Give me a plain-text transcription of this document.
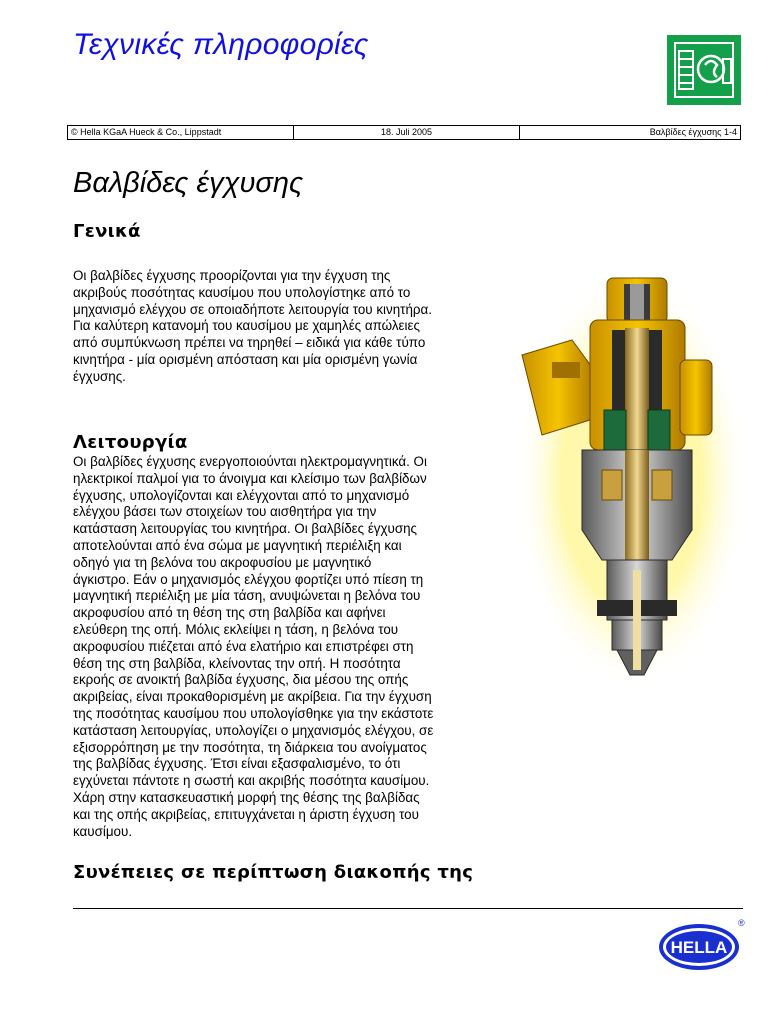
Τεχνικές πληροφορίες
© Hella KGaA Hueck & Co., Lippstadt	18. Juli 2005	Βαλβίδες έγχυσης 1-4
Βαλβίδες έγχυσης
Γενικά
Οι βαλβίδες έγχυσης προορίζονται για την έγχυση της
ακριβούς ποσότητας καυσίμου που υπολογίστηκε από το
μηχανισμό ελέγχου σε οποιαδήποτε λειτουργία του κινητήρα.
Για καλύτερη κατανομή του καυσίμου με χαμηλές απώλειες
από συμπύκνωση πρέπει να τηρηθεί – ειδικά για κάθε τύπο
κινητήρα - μία ορισμένη απόσταση και μία ορισμένη γωνία
έγχυσης.
Λειτουργία
Οι βαλβίδες έγχυσης ενεργοποιούνται ηλεκτρομαγνητικά. Οι
ηλεκτρικοί παλμοί για το άνοιγμα και κλείσιμο των βαλβίδων
έγχυσης, υπολογίζονται και ελέγχονται από το μηχανισμό
ελέγχου βάσει των στοιχείων του αισθητήρα για την
κατάσταση λειτουργίας του κινητήρα. Οι βαλβίδες έγχυσης
αποτελούνται από ένα σώμα με μαγνητική περιέλιξη και
οδηγό για τη βελόνα του ακροφυσίου με μαγνητικό
άγκιστρο. Εάν ο μηχανισμός ελέγχου φορτίζει υπό πίεση τη
μαγνητική περιέλιξη με μία τάση, ανυψώνεται η βελόνα του
ακροφυσίου από τη θέση της στη βαλβίδα και αφήνει
ελεύθερη της οπή. Μόλις εκλείψει η τάση, η βελόνα του
ακροφυσίου πιέζεται από ένα ελατήριο και επιστρέφει στη
θέση της στη βαλβίδα, κλείνοντας την οπή. Η ποσότητα
εκροής σε ανοικτή βαλβίδα έγχυσης, δια μέσου της οπής
ακριβείας, είναι προκαθορισμένη με ακρίβεια. Για την έγχυση
της ποσότητας καυσίμου που υπολογίσθηκε για την εκάστοτε
κατάσταση λειτουργίας, υπολογίζει ο μηχανισμός ελέγχου, σε
εξισορρόπηση με την ποσότητα, τη διάρκεια του ανοίγματος
της βαλβίδας έγχυσης. Έτσι είναι εξασφαλισμένο, το ότι
εγχύνεται πάντοτε η σωστή και ακριβής ποσότητα καυσίμου.
Χάρη στην κατασκευαστική μορφή της θέσης της βαλβίδας
και της οπής ακριβείας, επιτυγχάνεται η άριστη έγχυση του
καυσίμου.
Συνέπειες σε περίπτωση διακοπής της
HELLA
®
